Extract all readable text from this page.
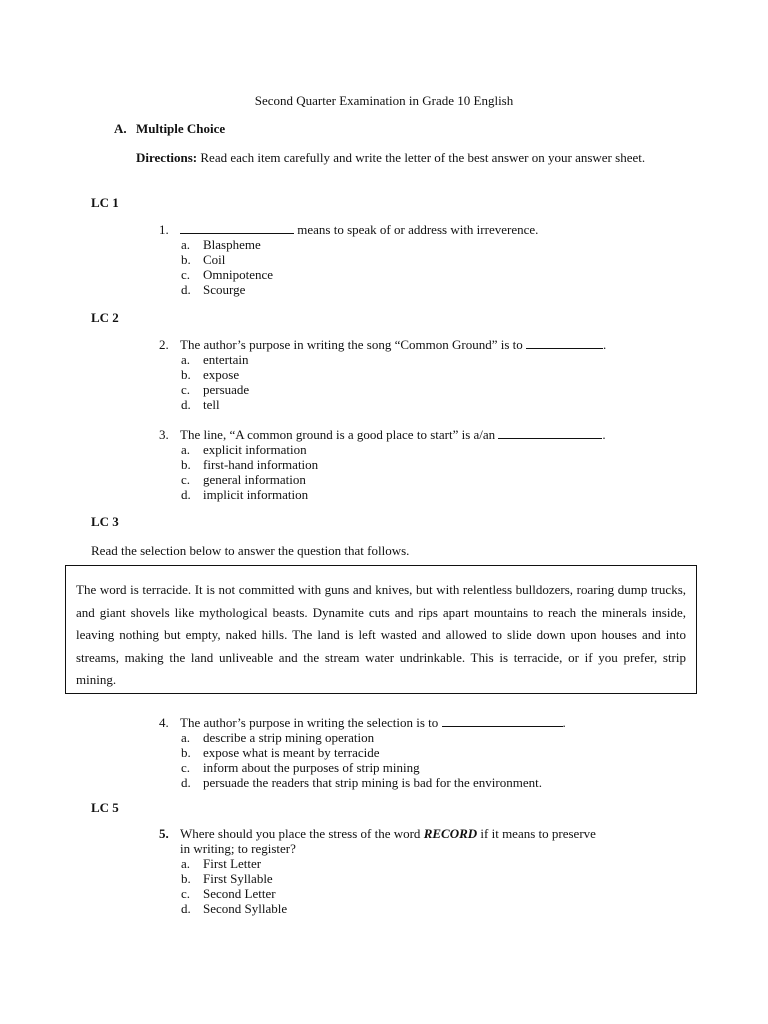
Second Quarter Examination in Grade 10 English
A. Multiple Choice
Directions: Read each item carefully and write the letter of the best answer on your answer sheet.
LC 1
1.	means to speak of or address with irreverence.
a. Blaspheme
b. Coil
c. Omnipotence
d. Scourge
LC 2
2. The author’s purpose in writing the song “Common Ground” is to	.
a. entertain
b. expose
c. persuade
d. tell
3. The line, “A common ground is a good place to start” is a/an	.
a. explicit information
b. first-hand information
c. general information
d. implicit information
LC 3
Read the selection below to answer the question that follows.
The word is terracide. It is not committed with guns and knives, but with relentless bulldozers, roaring dump trucks, and giant shovels like mythological beasts. Dynamite cuts and rips apart mountains to reach the minerals inside, leaving nothing but empty, naked hills. The land is left wasted and allowed to slide down upon houses and into streams, making the land unliveable and the stream water undrinkable. This is terracide, or if you prefer, strip mining.
4. The author’s purpose in writing the selection is to	.
a. describe a strip mining operation
b. expose what is meant by terracide
c. inform about the purposes of strip mining
d. persuade the readers that strip mining is bad for the environment.
LC 5
5. Where should you place the stress of the word RECORD if it means to preserve
in writing; to register?
a. First Letter
b. First Syllable
c. Second Letter
d. Second Syllable
